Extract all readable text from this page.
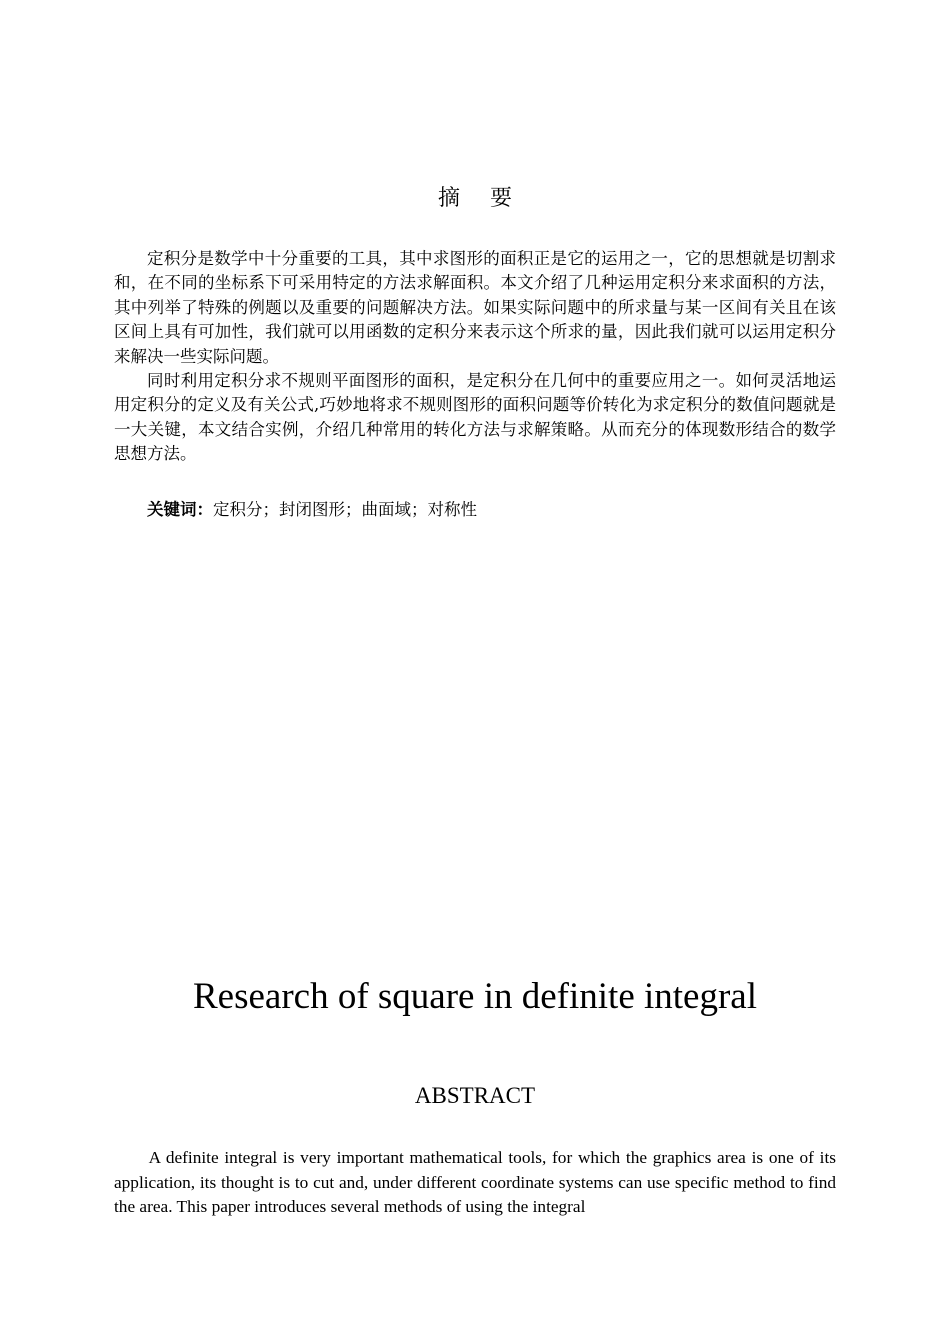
摘 要

定积分是数学中十分重要的工具，其中求图形的面积正是它的运用之一，它的思想就是切割求和，在不同的坐标系下可采用特定的方法求解面积。本文介绍了几种运用定积分来求面积的方法，其中列举了特殊的例题以及重要的问题解决方法。如果实际问题中的所求量与某一区间有关且在该区间上具有可加性，我们就可以用函数的定积分来表示这个所求的量，因此我们就可以运用定积分来解决一些实际问题。

同时利用定积分求不规则平面图形的面积，是定积分在几何中的重要应用之一。如何灵活地运用定积分的定义及有关公式,巧妙地将求不规则图形的面积问题等价转化为求定积分的数值问题就是一大关键，本文结合实例，介绍几种常用的转化方法与求解策略。从而充分的体现数形结合的数学思想方法。

关键词：定积分；封闭图形；曲面域；对称性
Research of square in definite integral
ABSTRACT

A definite integral is very important mathematical tools, for which the graphics area is one of its application, its thought is to cut and, under different coordinate systems can use specific method to find the area. This paper introduces several methods of using the integral
